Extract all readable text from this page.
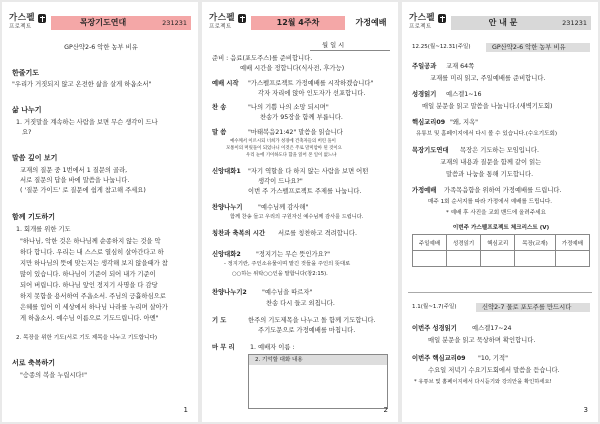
가스펠
프로젝트	목장기도연대	231231
GP산약2-6 악한 농부 비유
한줄기도
"우리가 거짓되지 않고 온전한 삶을 살게 하옵소서"
삶 나누기
1. 거짓말을 계속하는 사람을 보면 무슨 생각이 드나
요?
말씀 깊이 보기
교재의 질문 중 1번에서 1 질문의 골라,
서로 질문의 답을 바에 말씀을 나눕니다.
( '질문 가이드' 로 질문에 쉽게 참고해 주세요)
함께 기도하기
1. 회개를 위한 기도
"하나님, 악한 것은 하나님께 순종하지 않는 것을 악
하다 합니다. 우리는 내 스스로 열심히 살아간다고 하
지만 하나님의 뜻에 맞는지는 생각해 보지 않을때가 참
많이 있습니다. 하나님이 기준이 되어 내가 기준이
되어 버립니다. 하나님 앞인 정지기 사명을 다 감당
하지 못함을 용서하여 주옵소서. 주님의 긍휼하심으로
은혜를 입어 이 세상에서 하나님 나라를 누리며 살아가
게 하옵소서. 예수님 이름으로 기도드립니다. 아멘"
2. 목장을 위한 기도(서로 기도 제목을 나누고 기도합니다)
서로 축복하기
"승종의 복을 누립시다!"
1
가스펠
프로젝트	12월 4주차	가정예배
월 일 시
준비 : 음료(포도주스)를 준비합니다.
예배 시간을 정합니다(식사전, 후가능)
예배 시작	"가스펠프로젝트 가정예배를 시작하겠습니다"
각자 자리에 앉아 인도자가 선포합니다.
찬 송	"나의 기쁨 나의 소망 되시며"
찬송가 95장을 함께 부릅니다.
말 씀	"마태복음21:42" 말씀을 읽습니다
예수께서 이르시되 너희가 성경에 건축자들의 버린 돌이
모퉁이의 머릿돌이 되었나니 이것은 주로 말미암아 된 것이요
우리 눈에 기이하도다 함을 읽어 본 일이 없느냐
신앙대화1	"자기 역할을 다 하지 않는 사람을 보면 어떤
생각이 드나요?"
이번 주 가스펠프로젝트 주제를 나눕니다.
찬양나누기	"예수님께 감사해"
함께 찬송 들고 우리의 구원자신 예수님께 감사를 드립니다.
칭찬과 축복의 시간	서로를 칭찬하고 격려합니다.
신앙대화2	"정지기는 무슨 뜻인가요?"
- 정지기란, 주인소유물이며 맡긴 것들을 주인의 뜻대로
○○하는 위탁○○인을 말합니다(창2:15).
찬양나누기2	"예수님을 따르자"
찬송 다시 들고 외칩니다.
기 도	한주의 기도제목을 나누고 돌 함께 기도합니다.
주기도문으로 가정예배를 마칩니다.
마 무 리	1. 예배자 이름 :
2. 기억할 대화 내용
2
가스펠
프로젝트	안 내 문	231231
12.25(월~12.31(주일)	GP산약2-6 악한 농부 비유
주일공과	교재 64쪽
교재를 미리 읽고, 주일예배를 준비합니다.
성경읽기	예스겔1~16
매일 분문을 읽고 말씀을 나눕니다.(새벽기도회)
핵심교리09 "왜, 지옥"
유튜브 및 홈페이지에서 다시 볼 수 있습니다.(수요기도회)
목장기도연대	목장은 기도하는 모임입니다.
교재의 내용과 질문을 함께 같이 읽는
말씀과 나눔을 통해 기도합니다.
가정예배	가족목음함을 위하여 가정예배를 드립니다.
매주 1회 순서지를 따라 가정에서 예배를 드립니다.
* 예배 후 사진을 교회 밴드에 올려주세요
이번주 가스펠프로젝트 체크리스트 (V)
주일예배	성경읽기	핵심교리	목장(교재)	가정예배

1.1(월~1.7(주일)	신약2-7 물로 포도주를 만드시다
이번주 성경읽기	예스겔17~24
매일 분문을 읽고 묵상하며 확인합니다.
이번주 핵심교리09	"10, 기적"
수요일 저녁기 수요기도회에서 말씀을 듣습니다.
* 유튜브 및 홈페이지에서 다시듣기와 강의안을 확인하세요!
3
